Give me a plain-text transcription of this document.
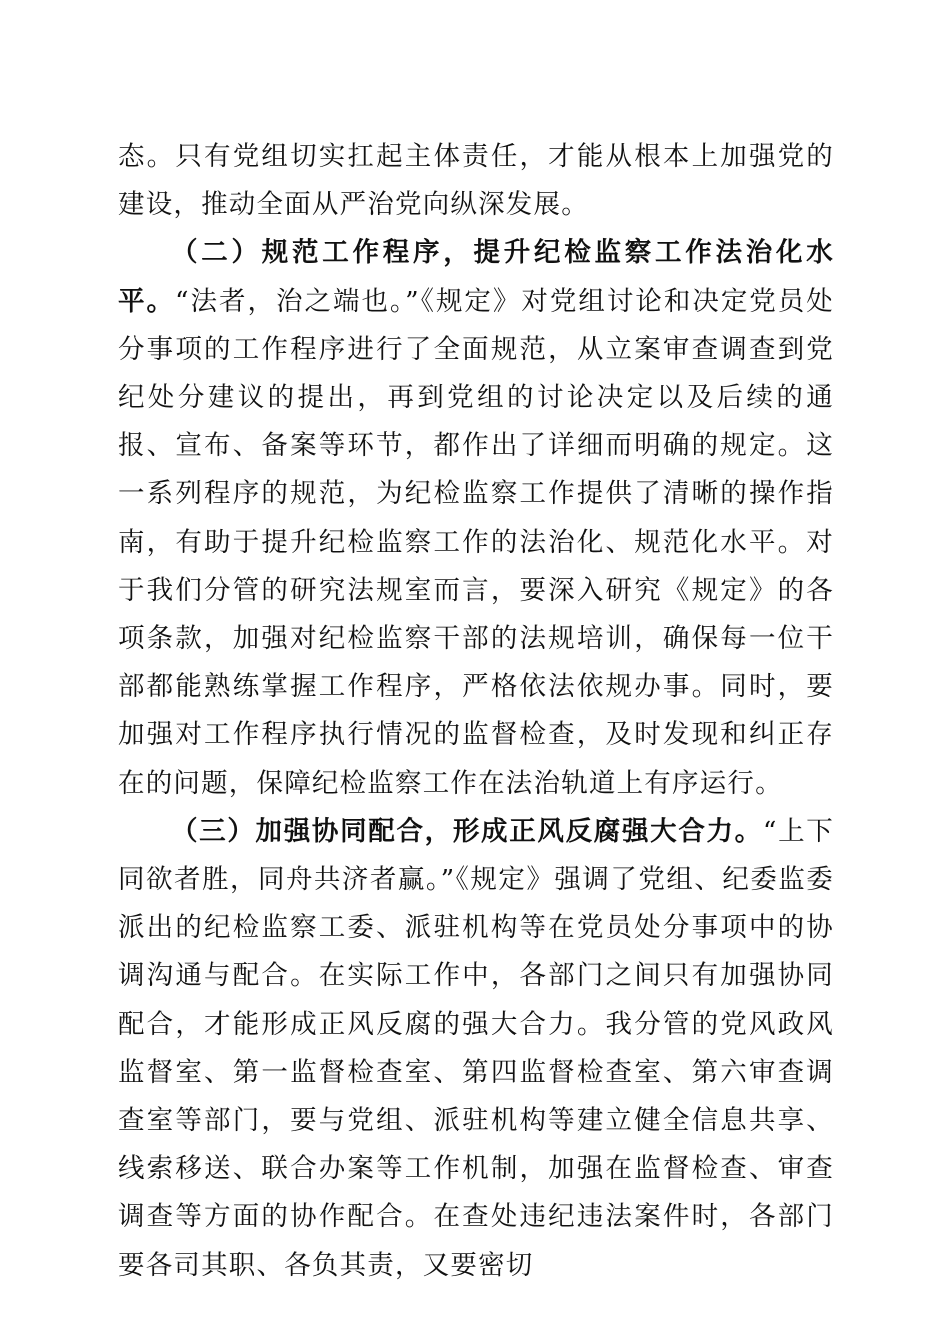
态。只有党组切实扛起主体责任，才能从根本上加强党的建设，推动全面从严治党向纵深发展。

（二）规范工作程序，提升纪检监察工作法治化水平。“法者，治之端也。”《规定》对党组讨论和决定党员处分事项的工作程序进行了全面规范，从立案审查调查到党纪处分建议的提出，再到党组的讨论决定以及后续的通报、宣布、备案等环节，都作出了详细而明确的规定。这一系列程序的规范，为纪检监察工作提供了清晰的操作指南，有助于提升纪检监察工作的法治化、规范化水平。对于我们分管的研究法规室而言，要深入研究《规定》的各项条款，加强对纪检监察干部的法规培训，确保每一位干部都能熟练掌握工作程序，严格依法依规办事。同时，要加强对工作程序执行情况的监督检查，及时发现和纠正存在的问题，保障纪检监察工作在法治轨道上有序运行。

（三）加强协同配合，形成正风反腐强大合力。“上下同欲者胜，同舟共济者赢。”《规定》强调了党组、纪委监委派出的纪检监察工委、派驻机构等在党员处分事项中的协调沟通与配合。在实际工作中，各部门之间只有加强协同配合，才能形成正风反腐的强大合力。我分管的党风政风监督室、第一监督检查室、第四监督检查室、第六审查调查室等部门，要与党组、派驻机构等建立健全信息共享、线索移送、联合办案等工作机制，加强在监督检查、审查调查等方面的协作配合。在查处违纪违法案件时，各部门要各司其职、各负其责，又要密切
